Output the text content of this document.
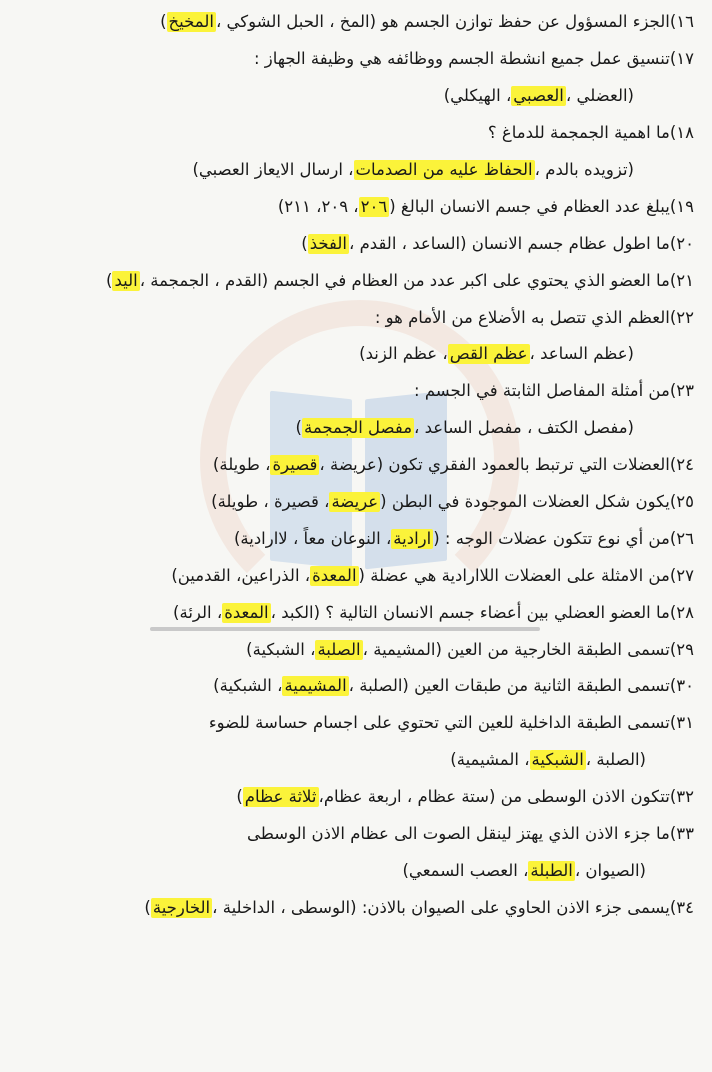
١٦)
الجزء المسؤول عن حفظ توازن الجسم هو (المخ ، الحبل الشوكي ،
المخيخ
)
١٧)
تنسيق عمل جميع انشطة الجسم ووظائفه هي وظيفة الجهاز :
(العضلي ،
العصبي
، الهيكلي)
١٨)
ما اهمية الجمجمة للدماغ ؟
(تزويده بالدم ،
الحفاظ عليه من الصدمات
، ارسال الايعاز العصبي)
١٩)
يبلغ عدد العظام في جسم الانسان البالغ (
٢٠٦
، ٢٠٩، ٢١١)
٢٠)
ما اطول عظام جسم الانسان (الساعد ، القدم ،
الفخذ
)
٢١)
ما العضو الذي يحتوي على اكبر عدد من العظام في الجسم (القدم ، الجمجمة ،
اليد
)
٢٢)
العظم الذي تتصل به الأضلاع من الأمام هو :
(عظم الساعد ،
عظم القص
، عظم الزند)
٢٣)
من أمثلة المفاصل الثابتة في الجسم :
(مفصل الكتف ، مفصل الساعد ،
مفصل الجمجمة
)
٢٤)
العضلات التي ترتبط بالعمود الفقري تكون (عريضة ،
قصيرة
، طويلة)
٢٥)
يكون شكل العضلات الموجودة في البطن (
عريضة
، قصيرة ، طويلة)
٢٦)
من أي نوع تتكون عضلات الوجه : (
ارادية
، النوعان معاً ، لاارادية)
٢٧)
من الامثلة على العضلات اللاارادية هي عضلة (
المعدة
، الذراعين، القدمين)
٢٨)
ما العضو العضلي بين أعضاء جسم الانسان التالية ؟ (الكبد ،
المعدة
، الرئة)
٢٩)
تسمى الطبقة الخارجية من العين (المشيمية ،
الصلبة
، الشبكية)
٣٠)
تسمى الطبقة الثانية من طبقات العين (الصلبة ،
المشيمية
، الشبكية)
٣١)
تسمى الطبقة الداخلية للعين التي تحتوي على اجسام حساسة للضوء
(الصلبة ،
الشبكية
، المشيمية)
٣٢)
تتكون الاذن الوسطى من (ستة عظام ، اربعة عظام،
ثلاثة عظام
)
٣٣)
ما جزء الاذن الذي يهتز لينقل الصوت الى عظام الاذن الوسطى
(الصيوان ،
الطبلة
، العصب السمعي)
٣٤)
يسمى جزء الاذن الحاوي على الصيوان بالاذن: (الوسطى ، الداخلية ،
الخارجية
)
